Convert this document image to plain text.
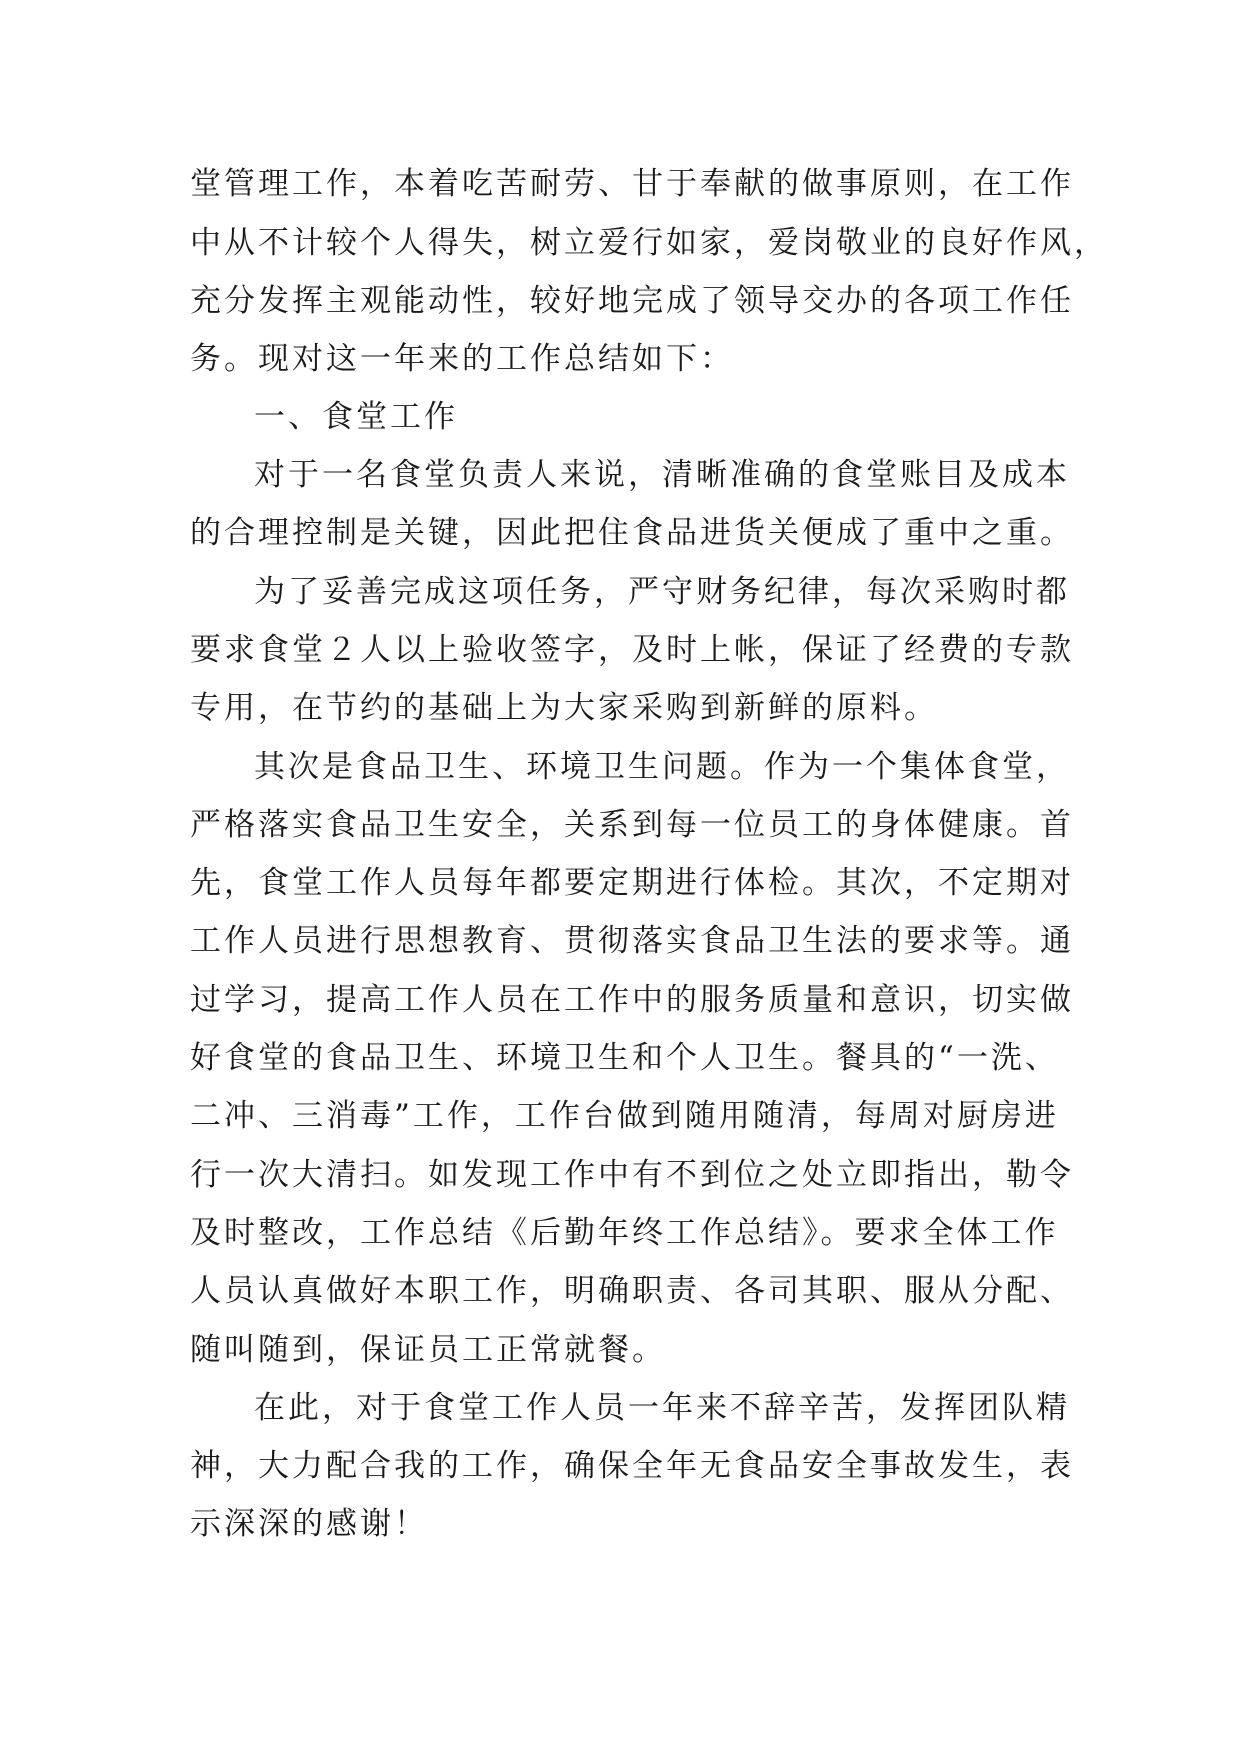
堂管理工作，本着吃苦耐劳、甘于奉献的做事原则，在工作
中从不计较个人得失，树立爱行如家，爱岗敬业的良好作风，
充分发挥主观能动性，较好地完成了领导交办的各项工作任
务。现对这一年来的工作总结如下：
一、食堂工作
对于一名食堂负责人来说，清晰准确的食堂账目及成本
的合理控制是关键，因此把住食品进货关便成了重中之重。
为了妥善完成这项任务，严守财务纪律，每次采购时都
要求食堂２人以上验收签字，及时上帐，保证了经费的专款
专用，在节约的基础上为大家采购到新鲜的原料。
其次是食品卫生、环境卫生问题。作为一个集体食堂，
严格落实食品卫生安全，关系到每一位员工的身体健康。首
先，食堂工作人员每年都要定期进行体检。其次，不定期对
工作人员进行思想教育、贯彻落实食品卫生法的要求等。通
过学习，提高工作人员在工作中的服务质量和意识，切实做
好食堂的食品卫生、环境卫生和个人卫生。餐具的“一洗、
二冲、三消毒”工作，工作台做到随用随清，每周对厨房进
行一次大清扫。如发现工作中有不到位之处立即指出，勒令
及时整改，工作总结《后勤年终工作总结》。要求全体工作
人员认真做好本职工作，明确职责、各司其职、服从分配、
随叫随到，保证员工正常就餐。
在此，对于食堂工作人员一年来不辞辛苦，发挥团队精
神，大力配合我的工作，确保全年无食品安全事故发生，表
示深深的感谢！
